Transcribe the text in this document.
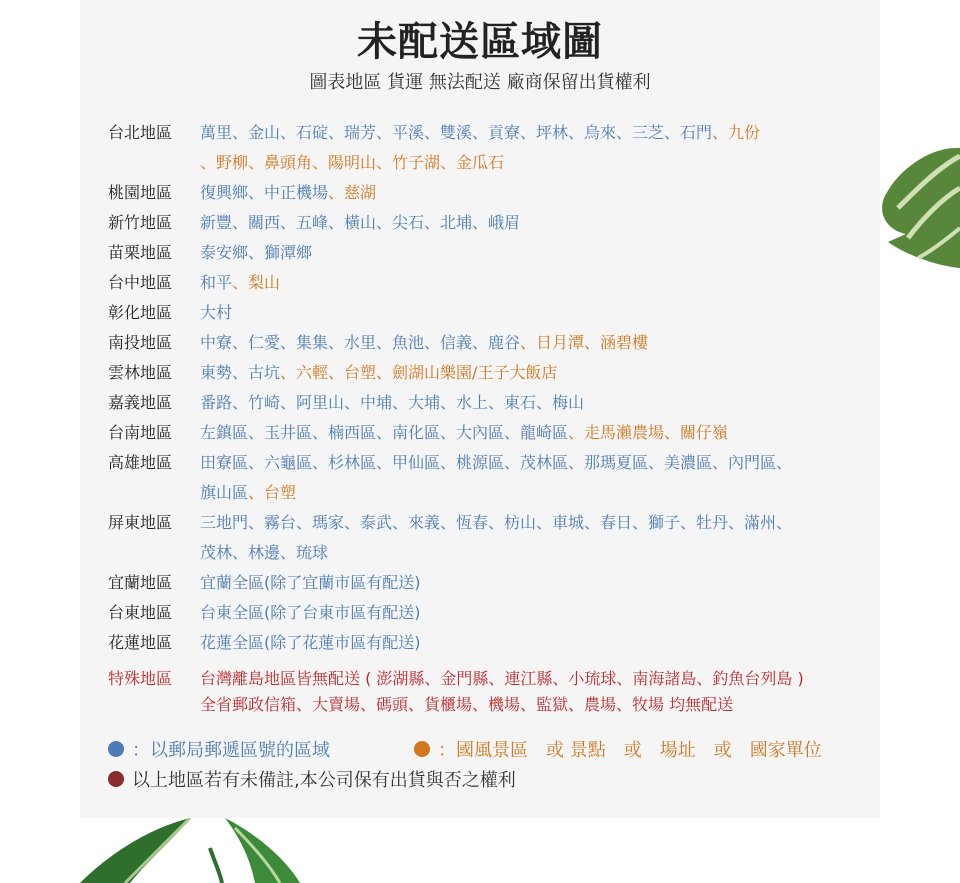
未配送區域圖
圖表地區 貨運 無法配送 廠商保留出貨權利
台北地區	萬里、金山、石碇、瑞芳、平溪、雙溪、貢寮、坪林、烏來、三芝、石門、九份
、野柳、鼻頭角、陽明山、竹子湖、金瓜石
桃園地區	復興鄉、中正機場、慈湖
新竹地區	新豐、關西、五峰、橫山、尖石、北埔、峨眉
苗栗地區	泰安鄉、獅潭鄉
台中地區	和平、梨山
彰化地區	大村
南投地區	中寮、仁愛、集集、水里、魚池、信義、鹿谷、日月潭、涵碧樓
雲林地區	東勢、古坑、六輕、台塑、劍湖山樂園/王子大飯店
嘉義地區	番路、竹崎、阿里山、中埔、大埔、水上、東石、梅山
台南地區	左鎮區、玉井區、楠西區、南化區、大內區、龍崎區、走馬瀨農場、關仔嶺
高雄地區	田寮區、六龜區、杉林區、甲仙區、桃源區、茂林區、那瑪夏區、美濃區、內門區、
旗山區、台塑
屏東地區	三地門、霧台、瑪家、泰武、來義、恆春、枋山、車城、春日、獅子、牡丹、滿州、
茂林、林邊、琉球
宜蘭地區	宜蘭全區(除了宜蘭市區有配送)
台東地區	台東全區(除了台東市區有配送)
花蓮地區	花蓮全區(除了花蓮市區有配送)
特殊地區	台灣離島地區皆無配送 ( 澎湖縣、金門縣、連江縣、小琉球、南海諸島、釣魚台列島 )
全省郵政信箱、大賣場、碼頭、貨櫃場、機場、監獄、農場、牧場 均無配送
：以郵局郵遞區號的區域	：國風景區　或 景點　或　場址　或　國家單位
以上地區若有未備註,本公司保有出貨與否之權利
